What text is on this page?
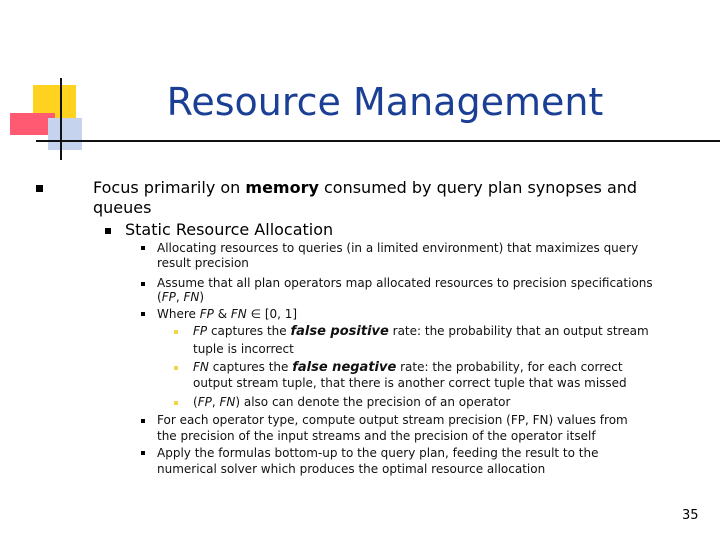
Resource Management
Focus primarily on memory consumed by query plan synopses and
queues
Static Resource Allocation
Allocating resources to queries (in a limited environment) that maximizes query
result precision
Assume that all plan operators map allocated resources to precision specifications
(FP, FN)
Where FP & FN ∈ [0, 1]
FP captures the false positive rate: the probability that an output stream
tuple is incorrect
FN captures the false negative rate: the probability, for each correct
output stream tuple, that there is another correct tuple that was missed
(FP, FN) also can denote the precision of an operator
For each operator type, compute output stream precision (FP, FN) values from
the precision of the input streams and the precision of the operator itself
Apply the formulas bottom-up to the query plan, feeding the result to the
numerical solver which produces the optimal resource allocation
35
